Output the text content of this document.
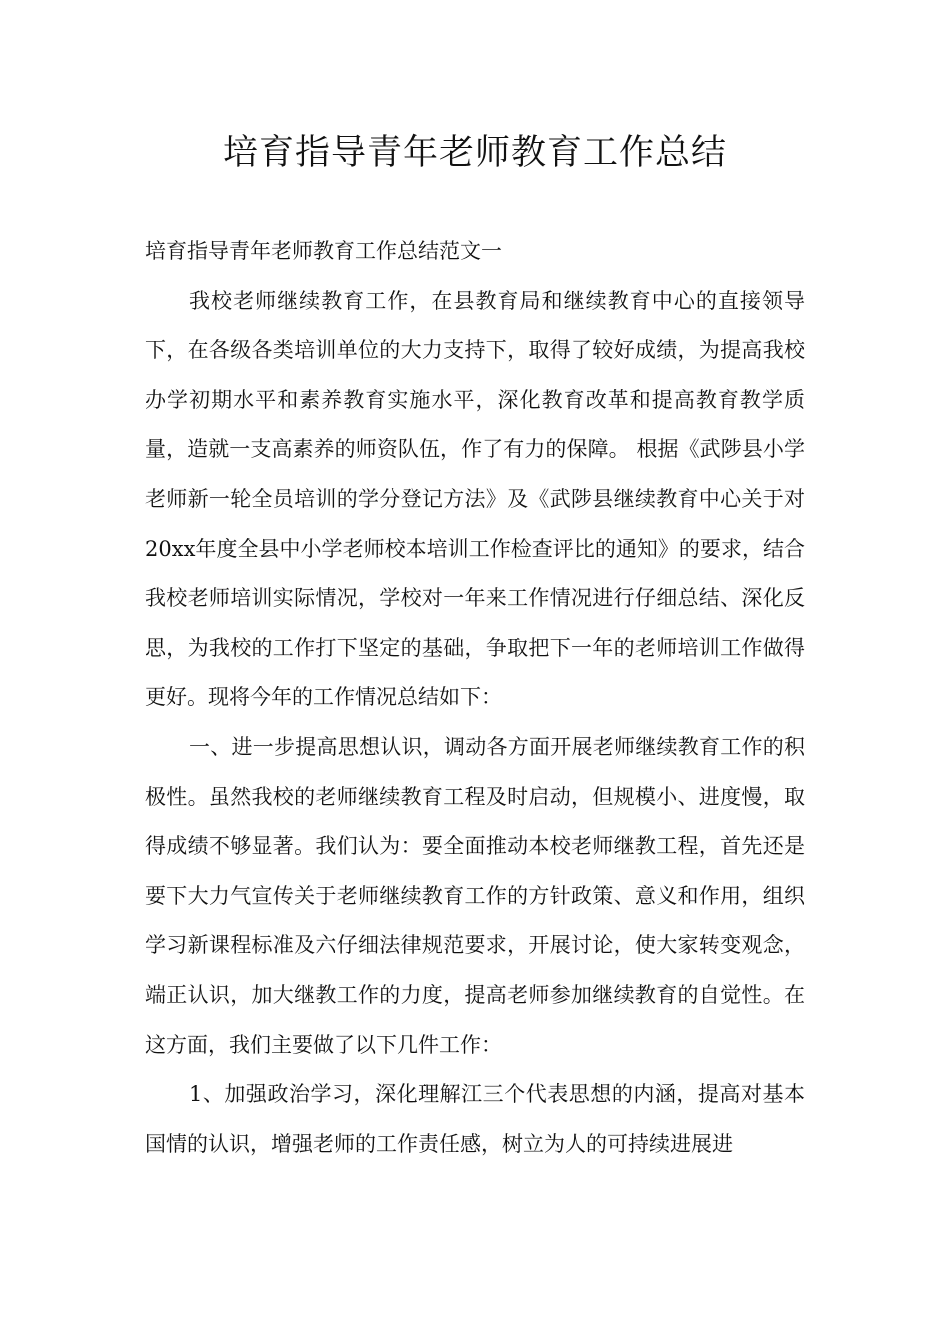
培育指导青年老师教育工作总结

培育指导青年老师教育工作总结范文一

我校老师继续教育工作，在县教育局和继续教育中心的直接领导下，在各级各类培训单位的大力支持下，取得了较好成绩，为提高我校办学初期水平和素养教育实施水平，深化教育改革和提高教育教学质量，造就一支高素养的师资队伍，作了有力的保障。 根据《武陟县小学老师新一轮全员培训的学分登记方法》及《武陟县继续教育中心关于对20xx年度全县中小学老师校本培训工作检查评比的通知》的要求，结合我校老师培训实际情况，学校对一年来工作情况进行仔细总结、深化反思，为我校的工作打下坚定的基础，争取把下一年的老师培训工作做得更好。现将今年的工作情况总结如下：

一、进一步提高思想认识，调动各方面开展老师继续教育工作的积极性。虽然我校的老师继续教育工程及时启动，但规模小、进度慢，取得成绩不够显著。我们认为：要全面推动本校老师继教工程，首先还是要下大力气宣传关于老师继续教育工作的方针政策、意义和作用，组织学习新课程标准及六仔细法律规范要求，开展讨论，使大家转变观念，端正认识，加大继教工作的力度，提高老师参加继续教育的自觉性。在这方面，我们主要做了以下几件工作：

1、加强政治学习，深化理解江三个代表思想的内涵，提高对基本国情的认识，增强老师的工作责任感，树立为人的可持续进展进
